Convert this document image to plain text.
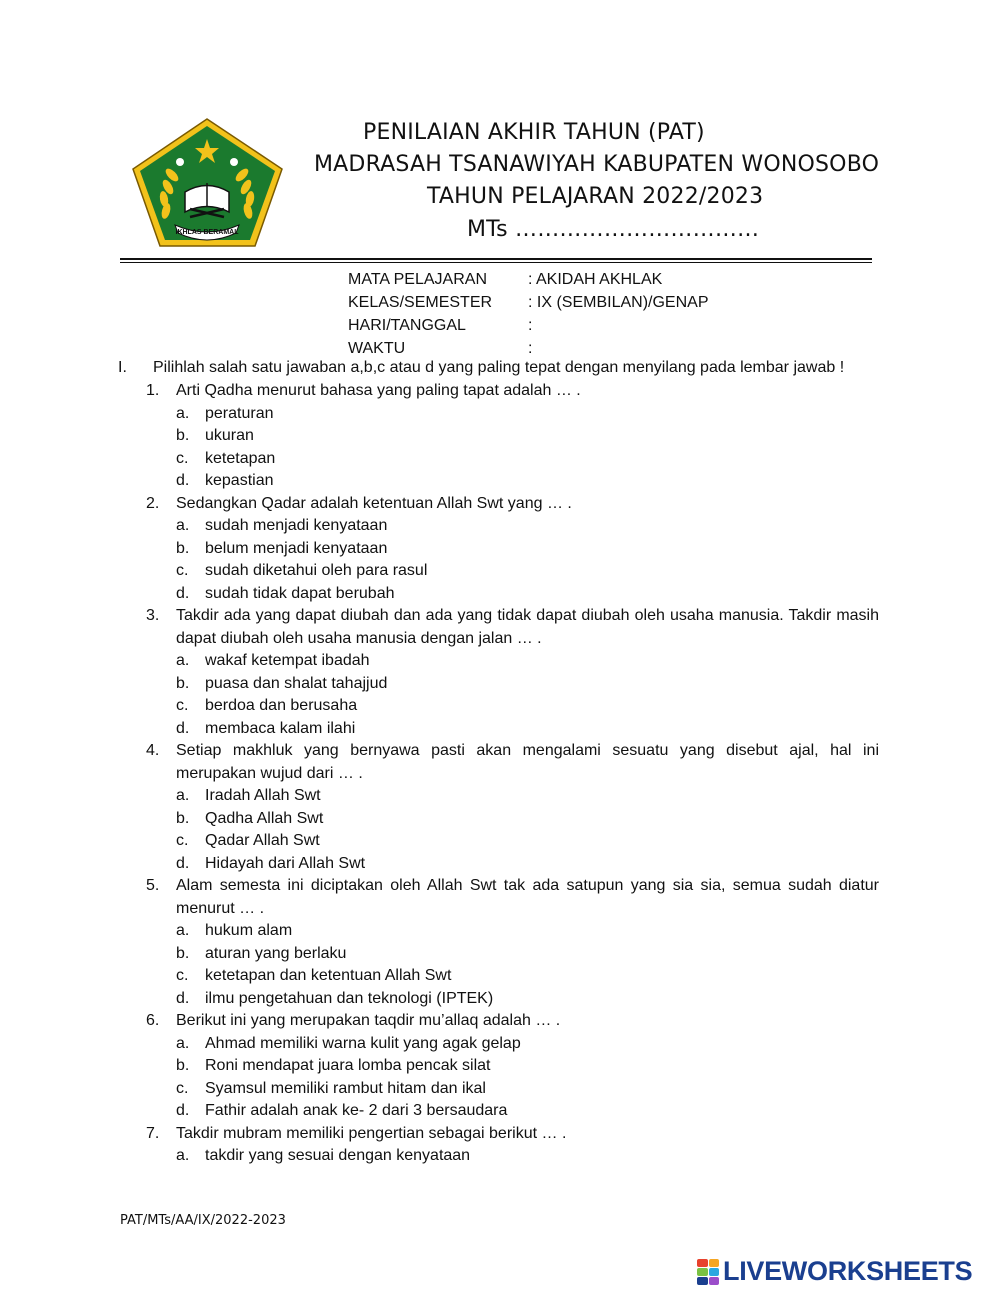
IKHLAS BERAMAL
PENILAIAN AKHIR TAHUN (PAT)
MADRASAH TSANAWIYAH KABUPATEN WONOSOBO
TAHUN PELAJARAN 2022/2023
MTs ……………………………
MATA PELAJARAN	: AKIDAH AKHLAK
KELAS/SEMESTER : IX (SEMBILAN)/GENAP
HARI/TANGGAL	:
WAKTU	:
I. Pilihlah salah satu jawaban a,b,c atau d yang paling tepat dengan menyilang pada lembar jawab !
1.	Arti Qadha menurut bahasa yang paling tapat adalah … .
a. peraturan
b. ukuran
c. ketetapan
d. kepastian
2.	Sedangkan Qadar adalah ketentuan Allah Swt yang … .
a. sudah menjadi kenyataan
b. belum menjadi kenyataan
c. sudah diketahui oleh para rasul
d. sudah tidak dapat berubah
3.	Takdir ada yang dapat diubah dan ada yang tidak dapat diubah oleh usaha manusia. Takdir masih
dapat diubah oleh usaha manusia dengan jalan … .
a. wakaf ketempat ibadah
b. puasa dan shalat tahajjud
c. berdoa dan berusaha
d. membaca kalam ilahi
4.	Setiap makhluk yang bernyawa pasti akan mengalami sesuatu yang disebut ajal, hal ini
merupakan wujud dari … .
a. Iradah Allah Swt
b. Qadha Allah Swt
c. Qadar Allah Swt
d. Hidayah dari Allah Swt
5.	Alam semesta ini diciptakan oleh Allah Swt tak ada satupun yang sia sia, semua sudah diatur
menurut … .
a. hukum alam
b. aturan yang berlaku
c. ketetapan dan ketentuan Allah Swt
d. ilmu pengetahuan dan teknologi (IPTEK)
6.	Berikut ini yang merupakan taqdir mu’allaq adalah … .
a. Ahmad memiliki warna kulit yang agak gelap
b. Roni mendapat juara lomba pencak silat
c. Syamsul memiliki rambut hitam dan ikal
d. Fathir adalah anak ke- 2 dari 3 bersaudara
7.	Takdir mubram memiliki pengertian sebagai berikut … .
a. takdir yang sesuai dengan kenyataan
PAT/MTs/AA/IX/2022-2023
LIVEWORKSHEETS
